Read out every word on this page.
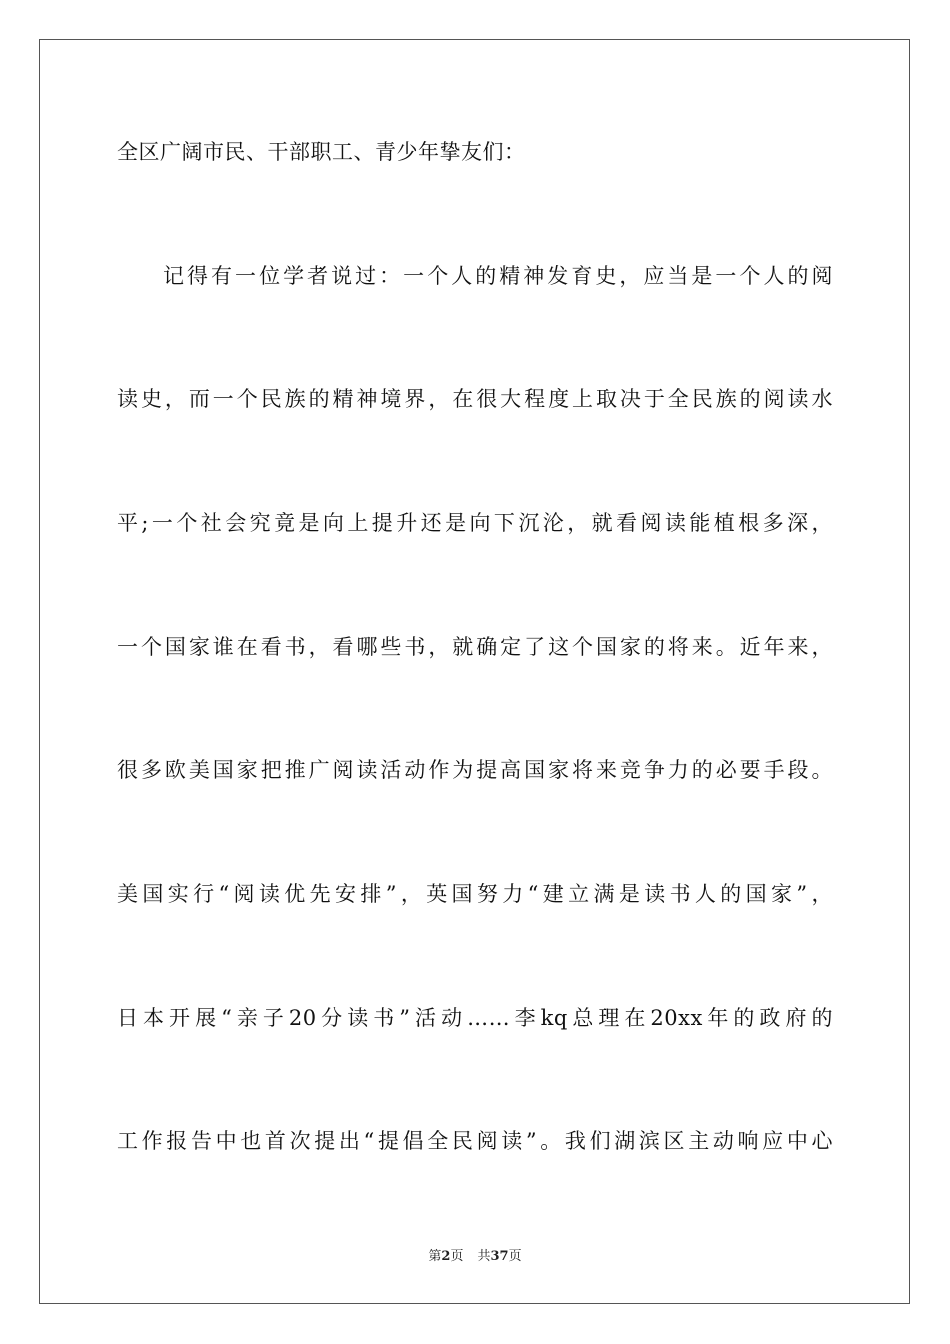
全区广阔市民、干部职工、青少年挚友们：
记得有一位学者说过：一个人的精神发育史，应当是一个人的阅
读史，而一个民族的精神境界，在很大程度上取决于全民族的阅读水
平;一个社会究竟是向上提升还是向下沉沦，就看阅读能植根多深，
一个国家谁在看书，看哪些书，就确定了这个国家的将来。近年来，
很多欧美国家把推广阅读活动作为提高国家将来竞争力的必要手段。
美国实行“阅读优先安排”，英国努力“建立满是读书人的国家”，
日本开展“亲子20分读书”活动……李kq总理在20xx年的政府的
工作报告中也首次提出“提倡全民阅读”。我们湖滨区主动响应中心
第2页 共37页
